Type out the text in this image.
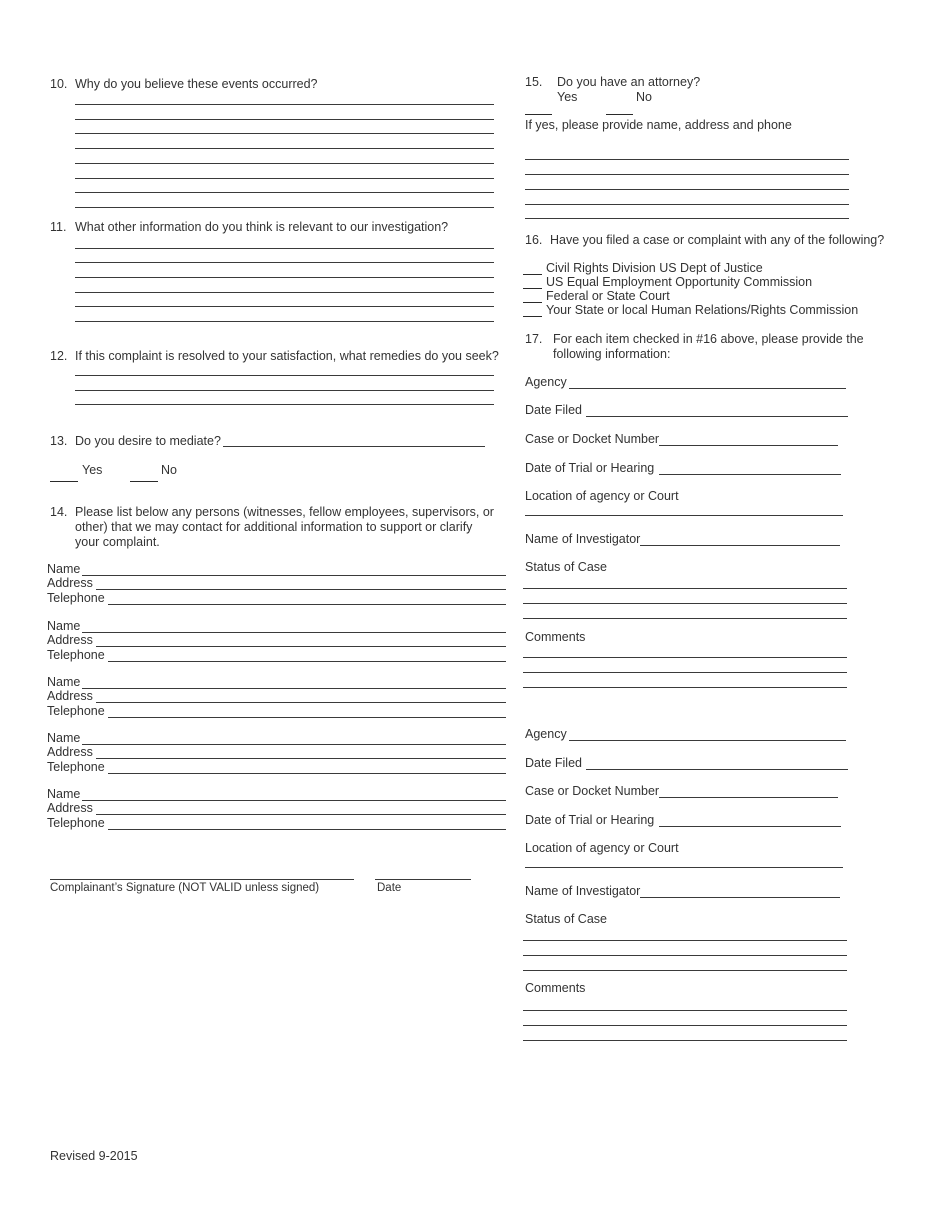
10. Why do you believe these events occurred?
11. What other information do you think is relevant to our investigation?
12. If this complaint is resolved to your satisfaction, what remedies do you seek?
13. Do you desire to mediate?
Yes	No
14. Please list below any persons (witnesses, fellow employees, supervisors, or other) that we may contact for additional information to support or clarify your complaint.
Name
Address
Telephone
Name
Address
Telephone
Name
Address
Telephone
Name
Address
Telephone
Name
Address
Telephone
Complainant’s Signature (NOT VALID unless signed)	Date
Revised 9-2015
15. Do you have an attorney?
Yes	No
If yes, please provide name, address and phone
16. Have you filed a case or complaint with any of the following?
Civil Rights Division US Dept of Justice
US Equal Employment Opportunity Commission
Federal or State Court
Your State or local Human Relations/Rights Commission
17. For each item checked in #16 above, please provide the following information:
Agency
Date Filed
Case or Docket Number
Date of Trial or Hearing
Location of agency or Court
Name of Investigator
Status of Case
Comments
Agency
Date Filed
Case or Docket Number
Date of Trial or Hearing
Location of agency or Court
Name of Investigator
Status of Case
Comments
